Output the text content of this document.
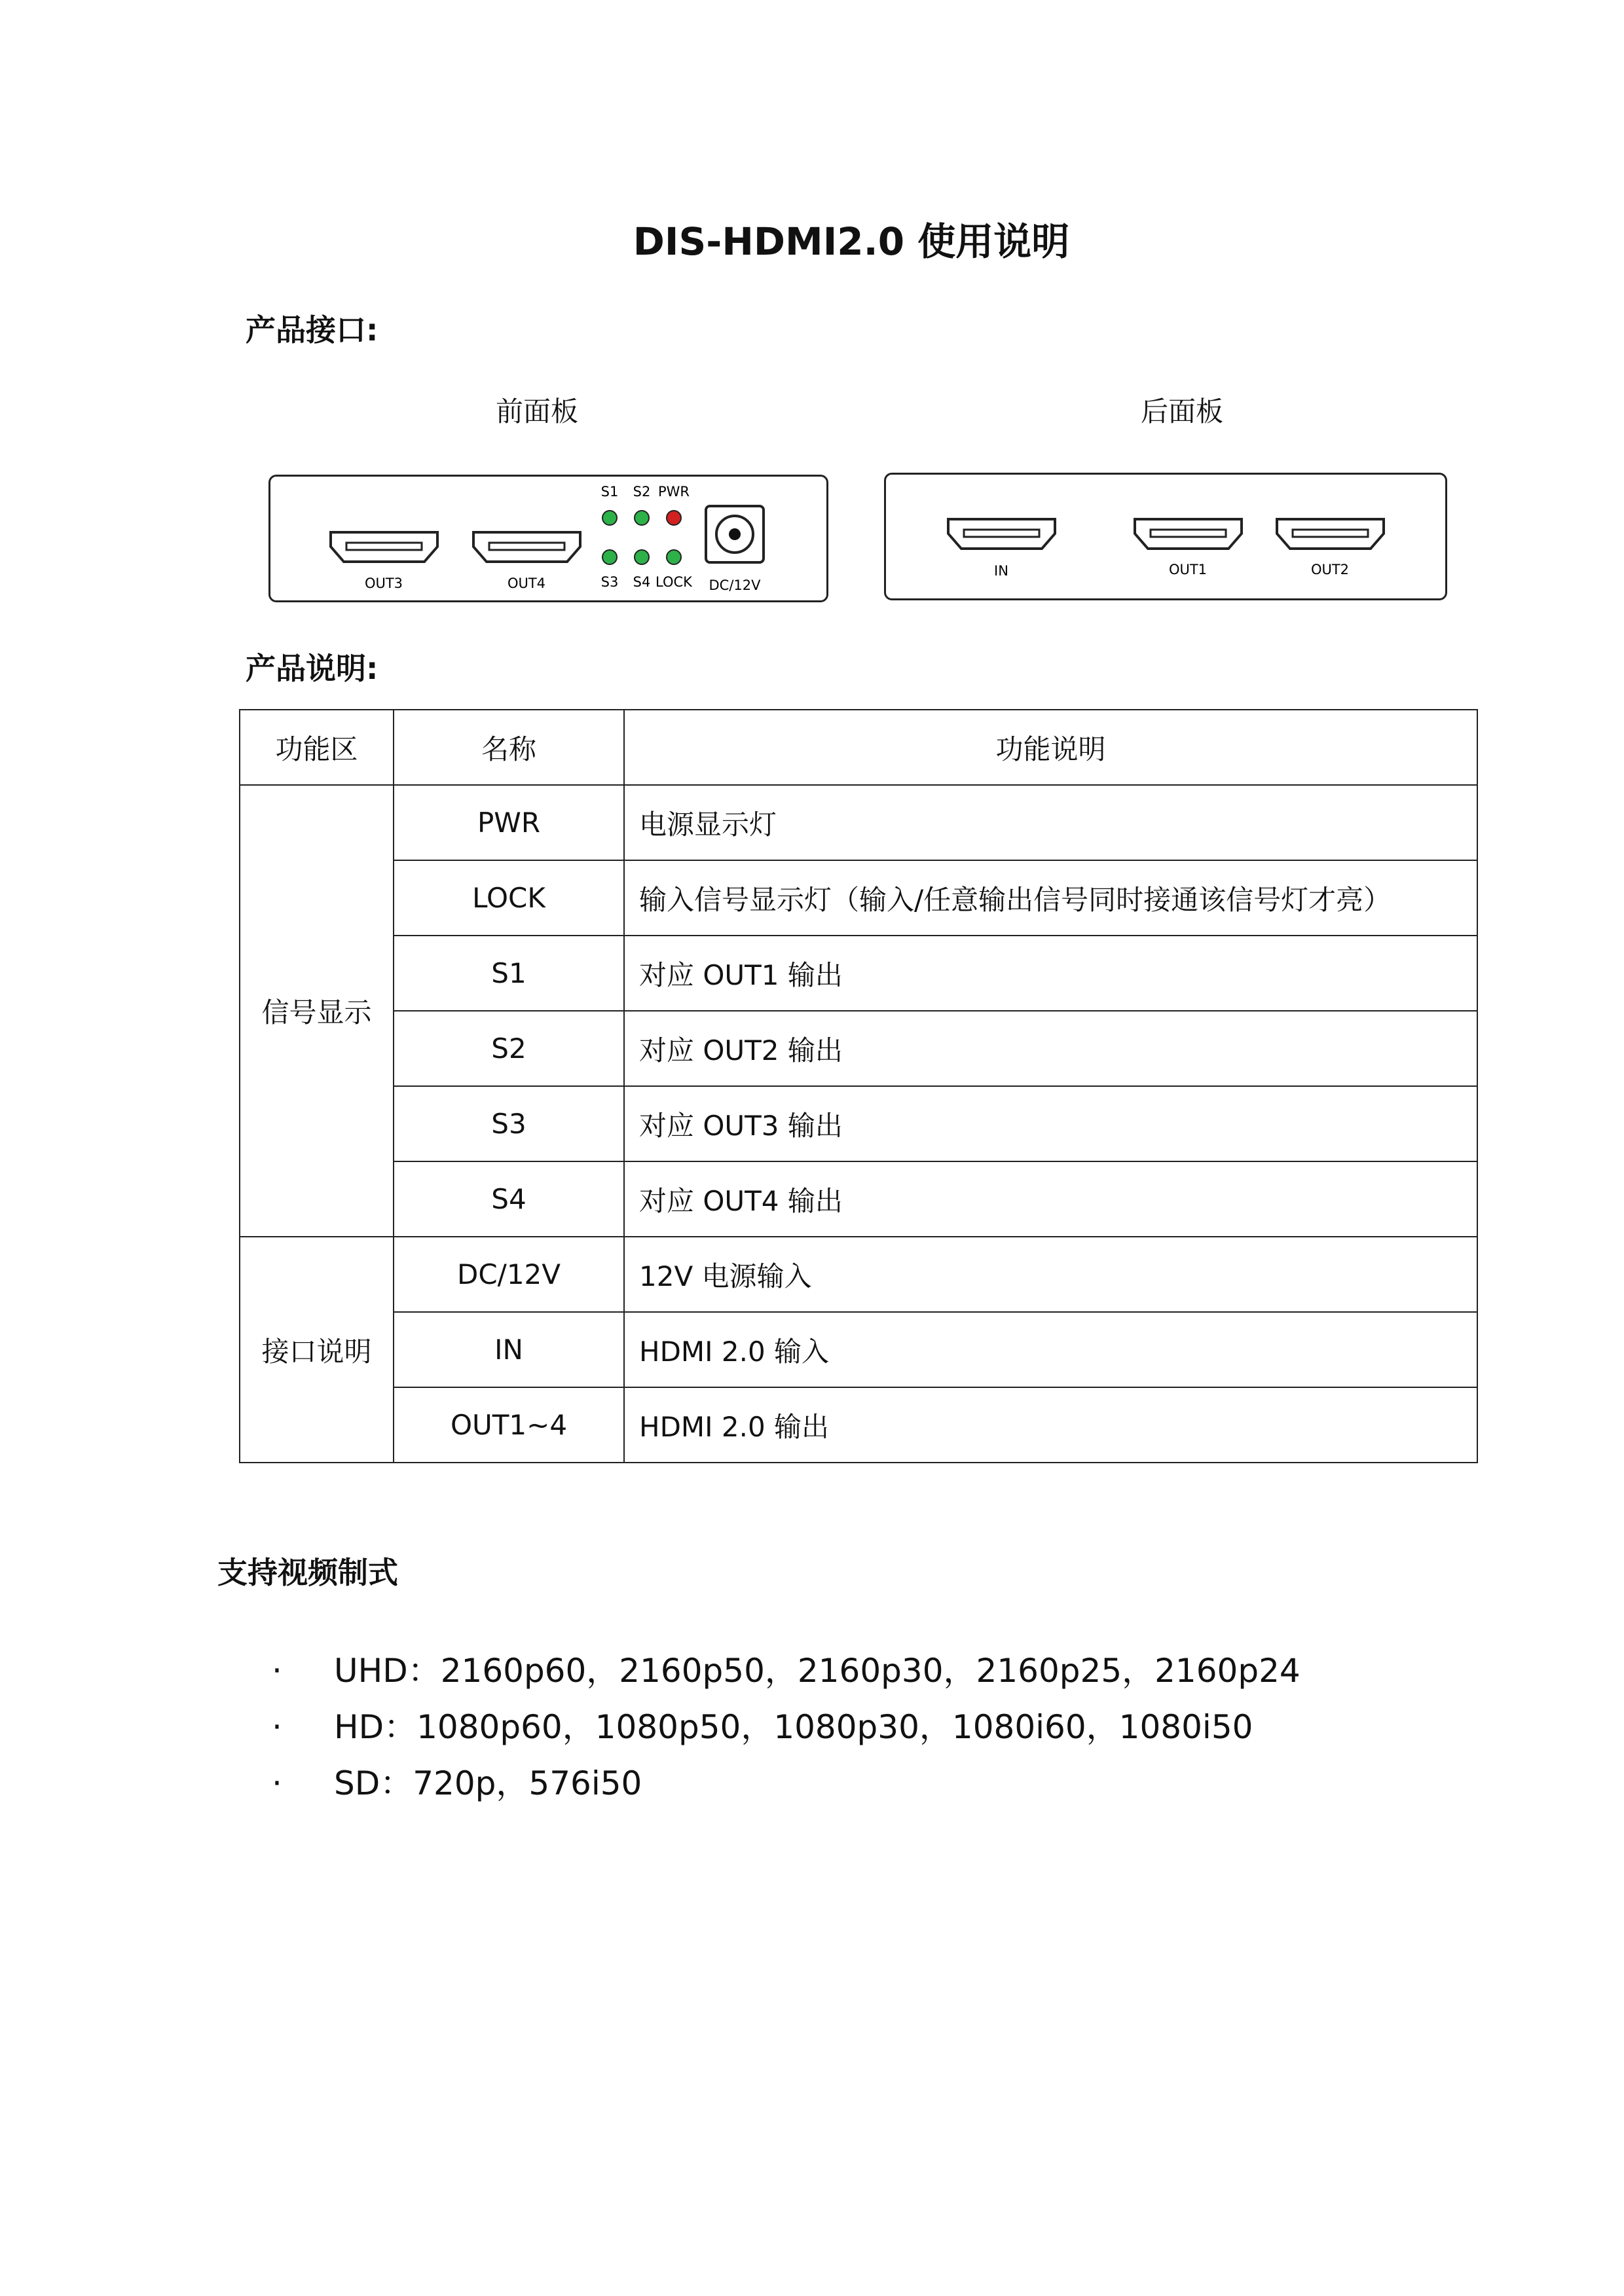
DIS-HDMI2.0 使用说明
产品接口:
前面板	后面板
OUT3	OUT4
S1 S2 PWR
S3 S4 LOCK DC/12V
IN	OUT1	OUT2
产品说明:
功能区	名称	功能说明
信号显示	PWR	电源显示灯
	LOCK	输入信号显示灯（输入/任意输出信号同时接通该信号灯才亮）
	S1	对应 OUT1 输出
	S2	对应 OUT2 输出
	S3	对应 OUT3 输出
	S4	对应 OUT4 输出
接口说明	DC/12V	12V 电源输入
	IN	HDMI 2.0 输入
	OUT1~4	HDMI 2.0 输出
支持视频制式
· UHD：2160p60，2160p50，2160p30，2160p25，2160p24
· HD：1080p60，1080p50，1080p30，1080i60，1080i50
· SD：720p，576i50
